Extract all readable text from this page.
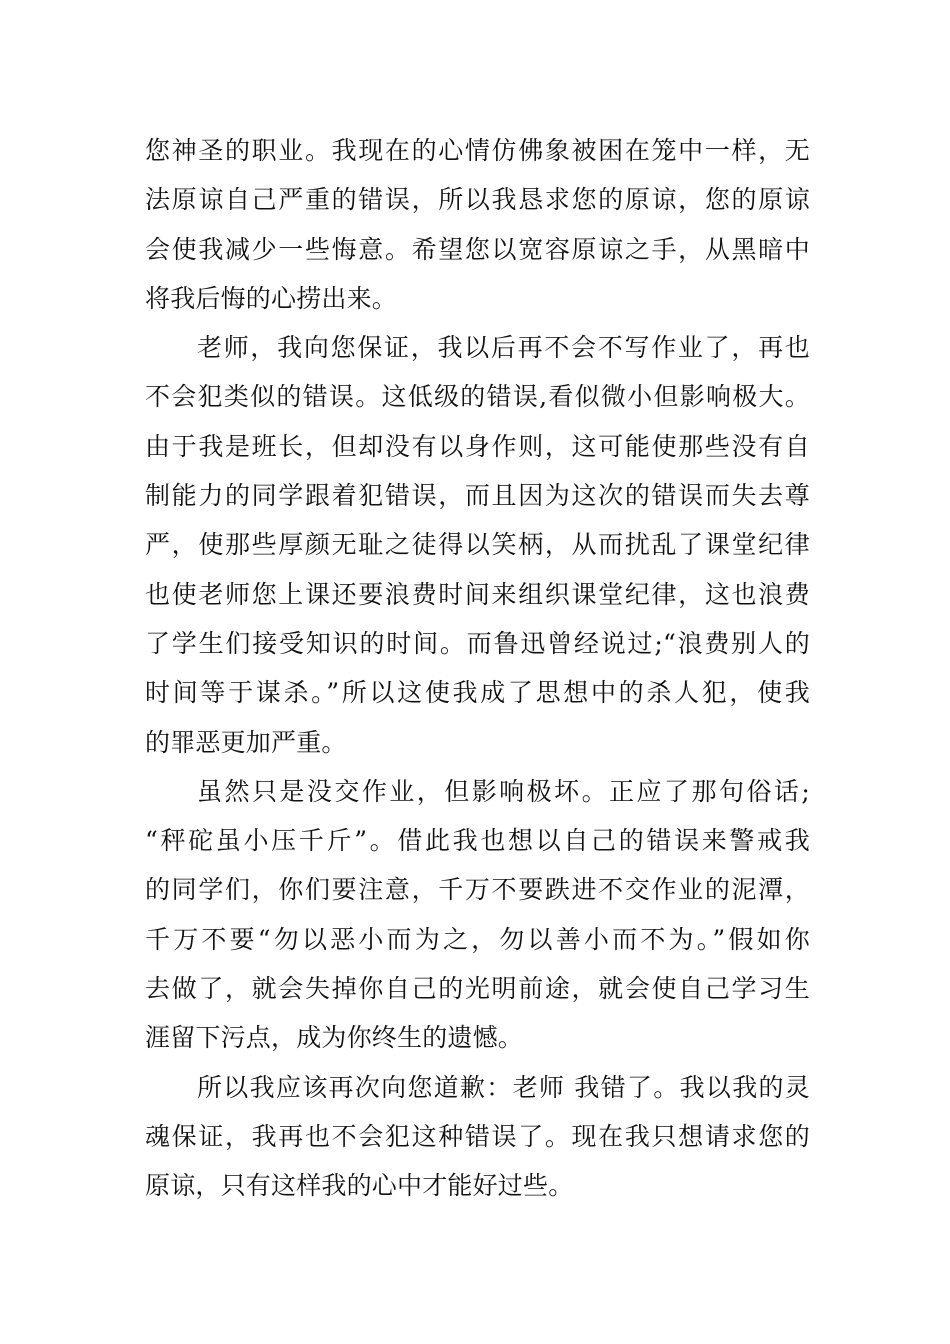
您神圣的职业。我现在的心情仿佛象被困在笼中一样，无
法原谅自己严重的错误，所以我恳求您的原谅，您的原谅
会使我减少一些悔意。希望您以宽容原谅之手，从黑暗中
将我后悔的心捞出来。
老师，我向您保证，我以后再不会不写作业了，再也
不会犯类似的错误。这低级的错误,看似微小但影响极大。
由于我是班长，但却没有以身作则，这可能使那些没有自
制能力的同学跟着犯错误，而且因为这次的错误而失去尊
严，使那些厚颜无耻之徒得以笑柄，从而扰乱了课堂纪律
也使老师您上课还要浪费时间来组织课堂纪律，这也浪费
了学生们接受知识的时间。而鲁迅曾经说过;“浪费别人的
时间等于谋杀。”所以这使我成了思想中的杀人犯，使我
的罪恶更加严重。
虽然只是没交作业，但影响极坏。正应了那句俗话;
“秤砣虽小压千斤”。借此我也想以自己的错误来警戒我
的同学们，你们要注意，千万不要跌进不交作业的泥潭，
千万不要“勿以恶小而为之，勿以善小而不为。”假如你
去做了，就会失掉你自己的光明前途，就会使自己学习生
涯留下污点，成为你终生的遗憾。
所以我应该再次向您道歉：老师 我错了。我以我的灵
魂保证，我再也不会犯这种错误了。现在我只想请求您的
原谅，只有这样我的心中才能好过些。
